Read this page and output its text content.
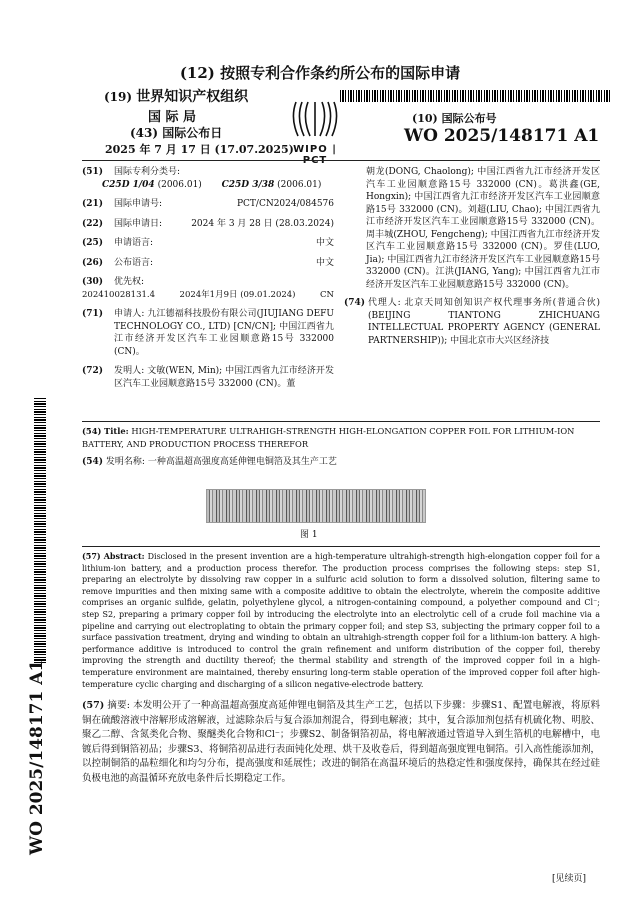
(12) 按照专利合作条约所公布的国际申请
(19) 世界知识产权组织
国 际 局
(43) 国际公布日
2025 年 7 月 17 日 (17.07.2025) WIPO | PCT
(10) 国际公布号
WO 2025/148171 A1
(51)	国际专利分类号:
C25D 1/04 (2006.01) C25D 3/38 (2006.01)
(21)	国际申请号:	PCT/CN2024/084576
(22)	国际申请日:	2024 年 3 月 28 日 (28.03.2024)
(25)	申请语言:	中文
(26)	公布语言:	中文
(30)	优先权:
202410028131.4	2024年1月9日 (09.01.2024)	CN
(71)	申请人: 九江德福科技股份有限公司(JIUJIANG DEFU TECHNOLOGY CO., LTD) [CN/CN]; 中国江西省九江市经济开发区汽车工业园顺意路15号 332000 (CN)。
(72)	发明人: 文敏(WEN, Min); 中国江西省九江市经济开发区汽车工业园顺意路15号 332000 (CN)。董
朝龙(DONG, Chaolong); 中国江西省九江市经济开发区汽车工业园顺意路15号 332000 (CN)。葛洪鑫(GE, Hongxin); 中国江西省九江市经济开发区汽车工业园顺意路15号 332000 (CN)。刘超(LIU, Chao); 中国江西省九江市经济开发区汽车工业园顺意路15号 332000 (CN)。周丰城(ZHOU, Fengcheng); 中国江西省九江市经济开发区汽车工业园顺意路15号 332000 (CN)。罗佳(LUO, Jia); 中国江西省九江市经济开发区汽车工业园顺意路15号 332000 (CN)。江洪(JIANG, Yang); 中国江西省九江市经济开发区汽车工业园顺意路15号 332000 (CN)。
(74) 代理人: 北京天同知创知识产权代理事务所(普通合伙) (BEIJING TIANTONG ZHICHUANG INTELLECTUAL PROPERTY AGENCY (GENERAL PARTNERSHIP)); 中国北京市大兴区经济技
(54) Title: HIGH-TEMPERATURE ULTRAHIGH-STRENGTH HIGH-ELONGATION COPPER FOIL FOR LITHIUM-ION BATTERY, AND PRODUCTION PROCESS THEREFOR
(54) 发明名称: 一种高温超高强度高延伸锂电铜箔及其生产工艺
图 1
(57) Abstract: Disclosed in the present invention are a high-temperature ultrahigh-strength high-elongation copper foil for a lithium-ion battery, and a production process therefor. The production process comprises the following steps: step S1, preparing an electrolyte by dissolving raw copper in a sulfuric acid solution to form a dissolved solution, filtering same to remove impurities and then mixing same with a composite additive to obtain the electrolyte, wherein the composite additive comprises an organic sulfide, gelatin, polyethylene glycol, a nitrogen-containing compound, a polyether compound and Cl⁻; step S2, preparing a primary copper foil by introducing the electrolyte into an electrolytic cell of a crude foil machine via a pipeline and carrying out electroplating to obtain the primary copper foil; and step S3, subjecting the primary copper foil to a surface passivation treatment, drying and winding to obtain an ultrahigh-strength copper foil for a lithium-ion battery. A high-performance additive is introduced to control the grain refinement and uniform distribution of the copper foil, thereby improving the strength and ductility thereof; the thermal stability and strength of the improved copper foil in a high-temperature environment are maintained, thereby ensuring long-term stable operation of the improved copper foil after high-temperature cyclic charging and discharging of a silicon negative-electrode battery.
(57) 摘要: 本发明公开了一种高温超高强度高延伸锂电铜箔及其生产工艺，包括以下步骤：步骤S1、配置电解液，将原料铜在硫酸溶液中溶解形成溶解液，过滤除杂后与复合添加剂混合，得到电解液；其中，复合添加剂包括有机硫化物、明胶、聚乙二醇、含氮类化合物、聚醚类化合物和Cl⁻；步骤S2、制备铜箔初品，将电解液通过管道导入到生箔机的电解槽中，电镀后得到铜箔初品；步骤S3、将铜箔初品进行表面钝化处理、烘干及收卷后，得到超高强度锂电铜箔。引入高性能添加剂，以控制铜箔的晶粒细化和均匀分布，提高强度和延展性；改进的铜箔在高温环境后的热稳定性和强度保持，确保其在经过硅负极电池的高温循环充放电条件后长期稳定工作。
WO 2025/148171 A1
[见续页]
